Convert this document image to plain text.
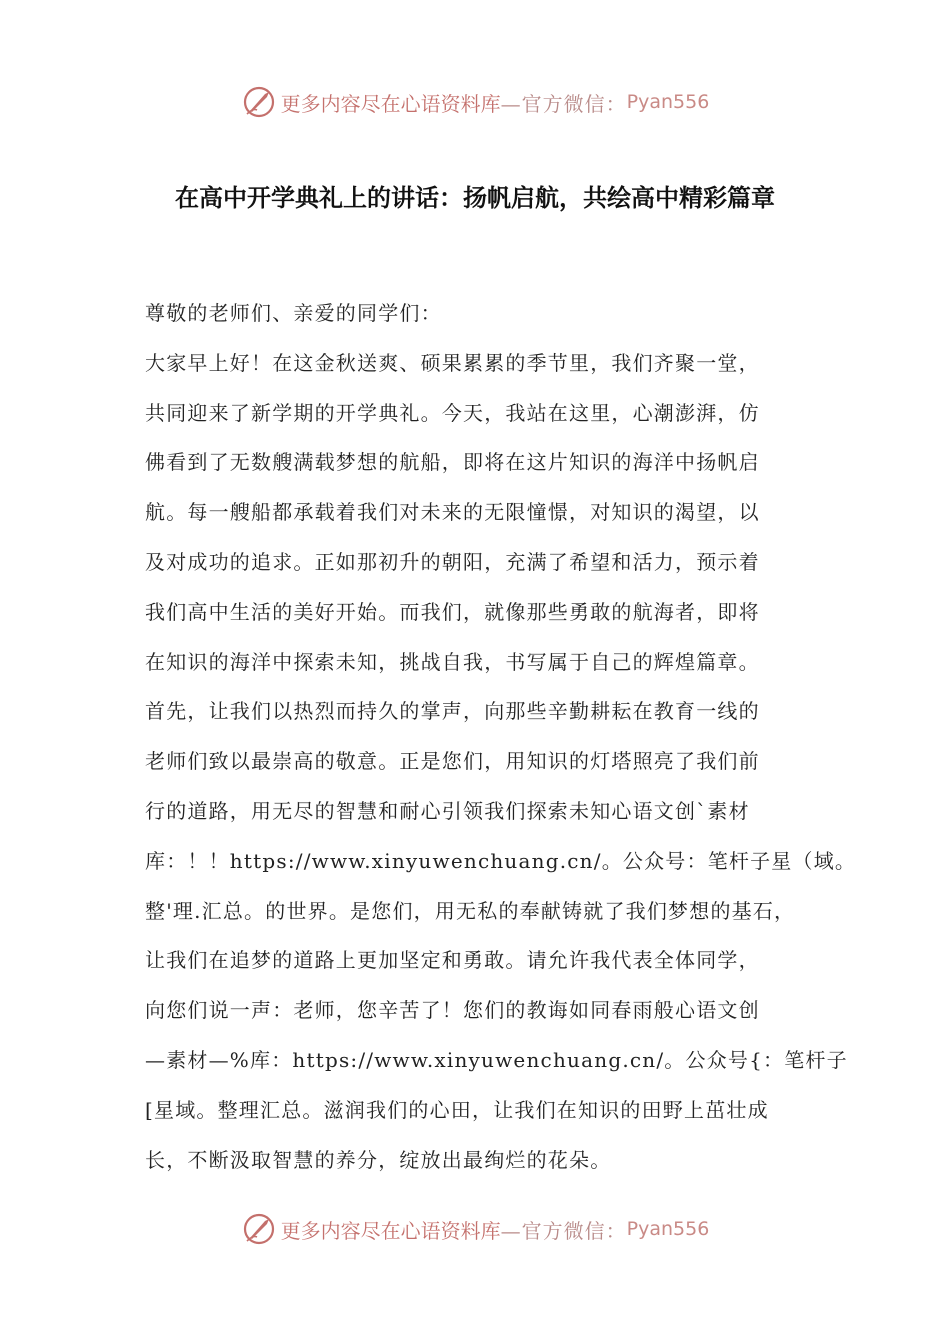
更多内容尽在心语资料库 —官方微信： Pyan556
在高中开学典礼上的讲话：扬帆启航，共绘高中精彩篇章
尊敬的老师们、亲爱的同学们：
大家早上好！在这金秋送爽、硕果累累的季节里，我们齐聚一堂，
共同迎来了新学期的开学典礼。今天，我站在这里，心潮澎湃，仿
佛看到了无数艘满载梦想的航船，即将在这片知识的海洋中扬帆启
航。每一艘船都承载着我们对未来的无限憧憬，对知识的渴望，以
及对成功的追求。正如那初升的朝阳，充满了希望和活力，预示着
我们高中生活的美好开始。而我们，就像那些勇敢的航海者，即将
在知识的海洋中探索未知，挑战自我，书写属于自己的辉煌篇章。
首先，让我们以热烈而持久的掌声，向那些辛勤耕耘在教育一线的
老师们致以最崇高的敬意。正是您们，用知识的灯塔照亮了我们前
行的道路，用无尽的智慧和耐心引领我们探索未知心语文创`素材
库：！！https://www.xinyuwenchuang.cn/。公众号：笔杆子星（域。
整'理.汇总。的世界。是您们，用无私的奉献铸就了我们梦想的基石，
让我们在追梦的道路上更加坚定和勇敢。请允许我代表全体同学，
向您们说一声：老师，您辛苦了！您们的教诲如同春雨般心语文创
—素材—%库：https://www.xinyuwenchuang.cn/。公众号{：笔杆子
[星域。整理汇总。滋润我们的心田，让我们在知识的田野上茁壮成
长，不断汲取智慧的养分，绽放出最绚烂的花朵。
更多内容尽在心语资料库 —官方微信： Pyan556
